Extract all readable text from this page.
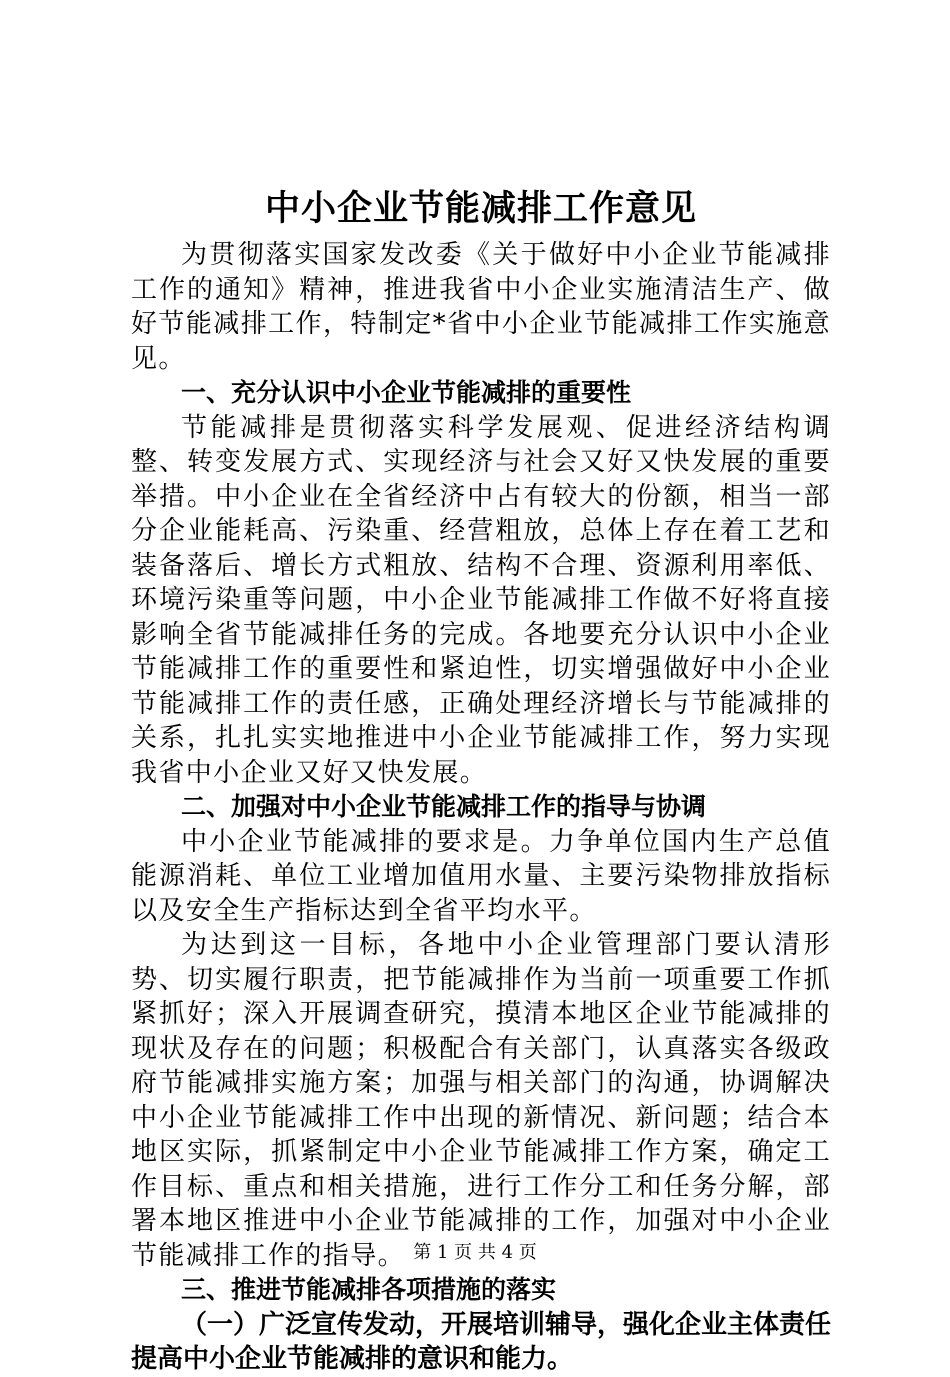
中小企业节能减排工作意见

为贯彻落实国家发改委《关于做好中小企业节能减排工作的通知》精神，推进我省中小企业实施清洁生产、做好节能减排工作，特制定*省中小企业节能减排工作实施意见。

一、充分认识中小企业节能减排的重要性

节能减排是贯彻落实科学发展观、促进经济结构调整、转变发展方式、实现经济与社会又好又快发展的重要举措。中小企业在全省经济中占有较大的份额，相当一部分企业能耗高、污染重、经营粗放，总体上存在着工艺和装备落后、增长方式粗放、结构不合理、资源利用率低、环境污染重等问题，中小企业节能减排工作做不好将直接影响全省节能减排任务的完成。各地要充分认识中小企业节能减排工作的重要性和紧迫性，切实增强做好中小企业节能减排工作的责任感，正确处理经济增长与节能减排的关系，扎扎实实地推进中小企业节能减排工作，努力实现我省中小企业又好又快发展。

二、加强对中小企业节能减排工作的指导与协调

中小企业节能减排的要求是。力争单位国内生产总值能源消耗、单位工业增加值用水量、主要污染物排放指标以及安全生产指标达到全省平均水平。

为达到这一目标，各地中小企业管理部门要认清形势、切实履行职责，把节能减排作为当前一项重要工作抓紧抓好；深入开展调查研究，摸清本地区企业节能减排的现状及存在的问题；积极配合有关部门，认真落实各级政府节能减排实施方案；加强与相关部门的沟通，协调解决中小企业节能减排工作中出现的新情况、新问题；结合本地区实际，抓紧制定中小企业节能减排工作方案，确定工作目标、重点和相关措施，进行工作分工和任务分解，部署本地区推进中小企业节能减排的工作，加强对中小企业节能减排工作的指导。

三、推进节能减排各项措施的落实

（一）广泛宣传发动，开展培训辅导，强化企业主体责任提高中小企业节能减排的意识和能力。

第 1 页 共 4 页
